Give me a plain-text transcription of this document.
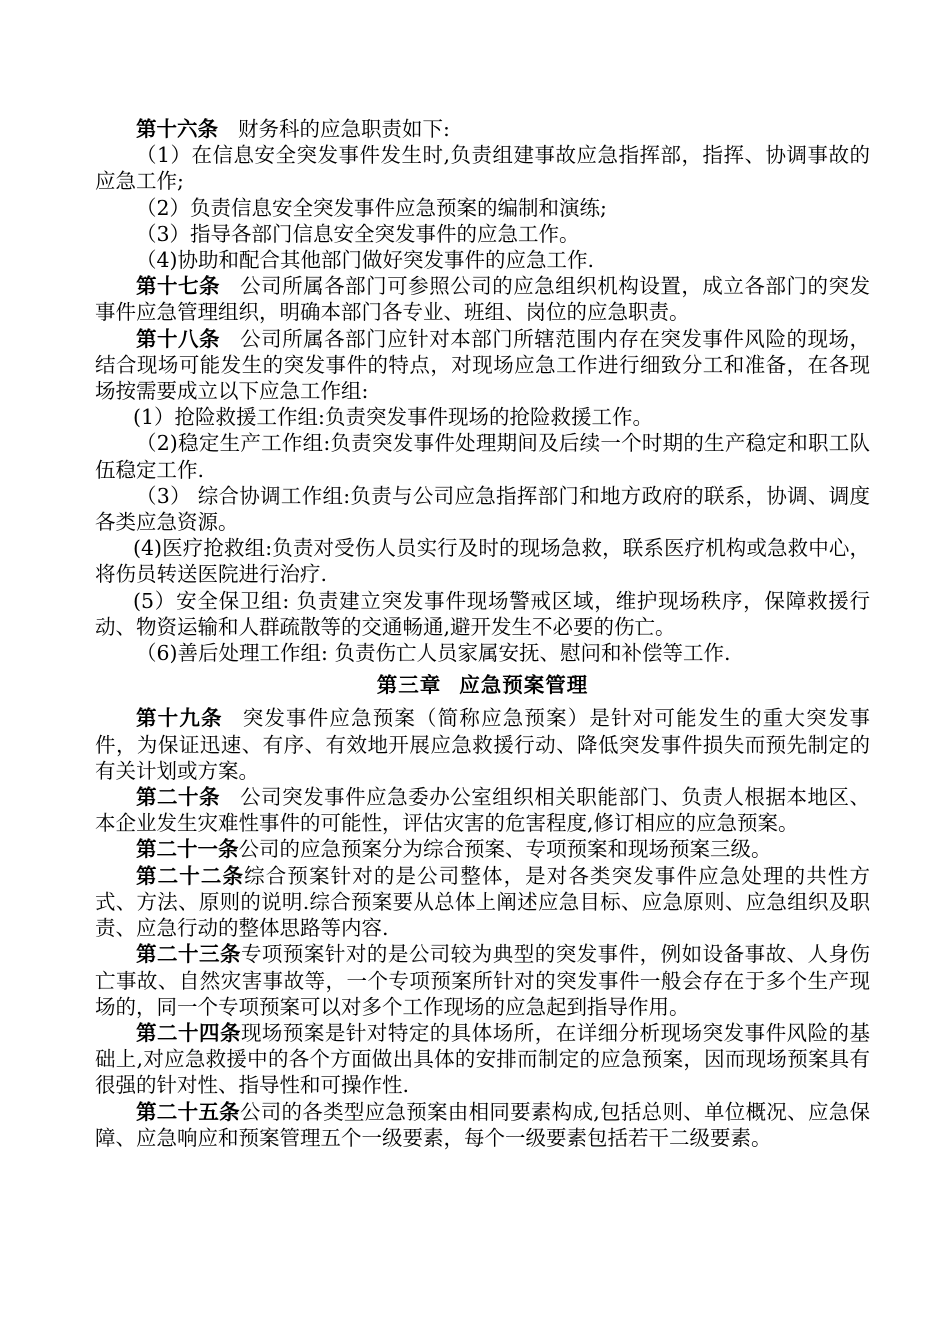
第十六条 财务科的应急职责如下:

（1）在信息安全突发事件发生时,负责组建事故应急指挥部，指挥、协调事故的应急工作;

（2）负责信息安全突发事件应急预案的编制和演练;

（3）指导各部门信息安全突发事件的应急工作。

（4)协助和配合其他部门做好突发事件的应急工作.

第十七条 公司所属各部门可参照公司的应急组织机构设置，成立各部门的突发事件应急管理组织，明确本部门各专业、班组、岗位的应急职责。

第十八条 公司所属各部门应针对本部门所辖范围内存在突发事件风险的现场，结合现场可能发生的突发事件的特点，对现场应急工作进行细致分工和准备，在各现场按需要成立以下应急工作组:

(1）抢险救援工作组:负责突发事件现场的抢险救援工作。

（2)稳定生产工作组:负责突发事件处理期间及后续一个时期的生产稳定和职工队伍稳定工作.

（3） 综合协调工作组:负责与公司应急指挥部门和地方政府的联系，协调、调度各类应急资源。

(4)医疗抢救组:负责对受伤人员实行及时的现场急救，联系医疗机构或急救中心，将伤员转送医院进行治疗.

(5）安全保卫组: 负责建立突发事件现场警戒区域，维护现场秩序，保障救援行动、物资运输和人群疏散等的交通畅通,避开发生不必要的伤亡。

（6)善后处理工作组: 负责伤亡人员家属安抚、慰问和补偿等工作.

第三章 应急预案管理

第十九条 突发事件应急预案（简称应急预案）是针对可能发生的重大突发事件，为保证迅速、有序、有效地开展应急救援行动、降低突发事件损失而预先制定的有关计划或方案。

第二十条 公司突发事件应急委办公室组织相关职能部门、负责人根据本地区、本企业发生灾难性事件的可能性，评估灾害的危害程度,修订相应的应急预案。

第二十一条公司的应急预案分为综合预案、专项预案和现场预案三级。

第二十二条综合预案针对的是公司整体，是对各类突发事件应急处理的共性方式、方法、原则的说明.综合预案要从总体上阐述应急目标、应急原则、应急组织及职责、应急行动的整体思路等内容.

第二十三条专项预案针对的是公司较为典型的突发事件，例如设备事故、人身伤亡事故、自然灾害事故等，一个专项预案所针对的突发事件一般会存在于多个生产现场的，同一个专项预案可以对多个工作现场的应急起到指导作用。

第二十四条现场预案是针对特定的具体场所，在详细分析现场突发事件风险的基础上,对应急救援中的各个方面做出具体的安排而制定的应急预案，因而现场预案具有很强的针对性、指导性和可操作性.

第二十五条公司的各类型应急预案由相同要素构成,包括总则、单位概况、应急保障、应急响应和预案管理五个一级要素，每个一级要素包括若干二级要素。
